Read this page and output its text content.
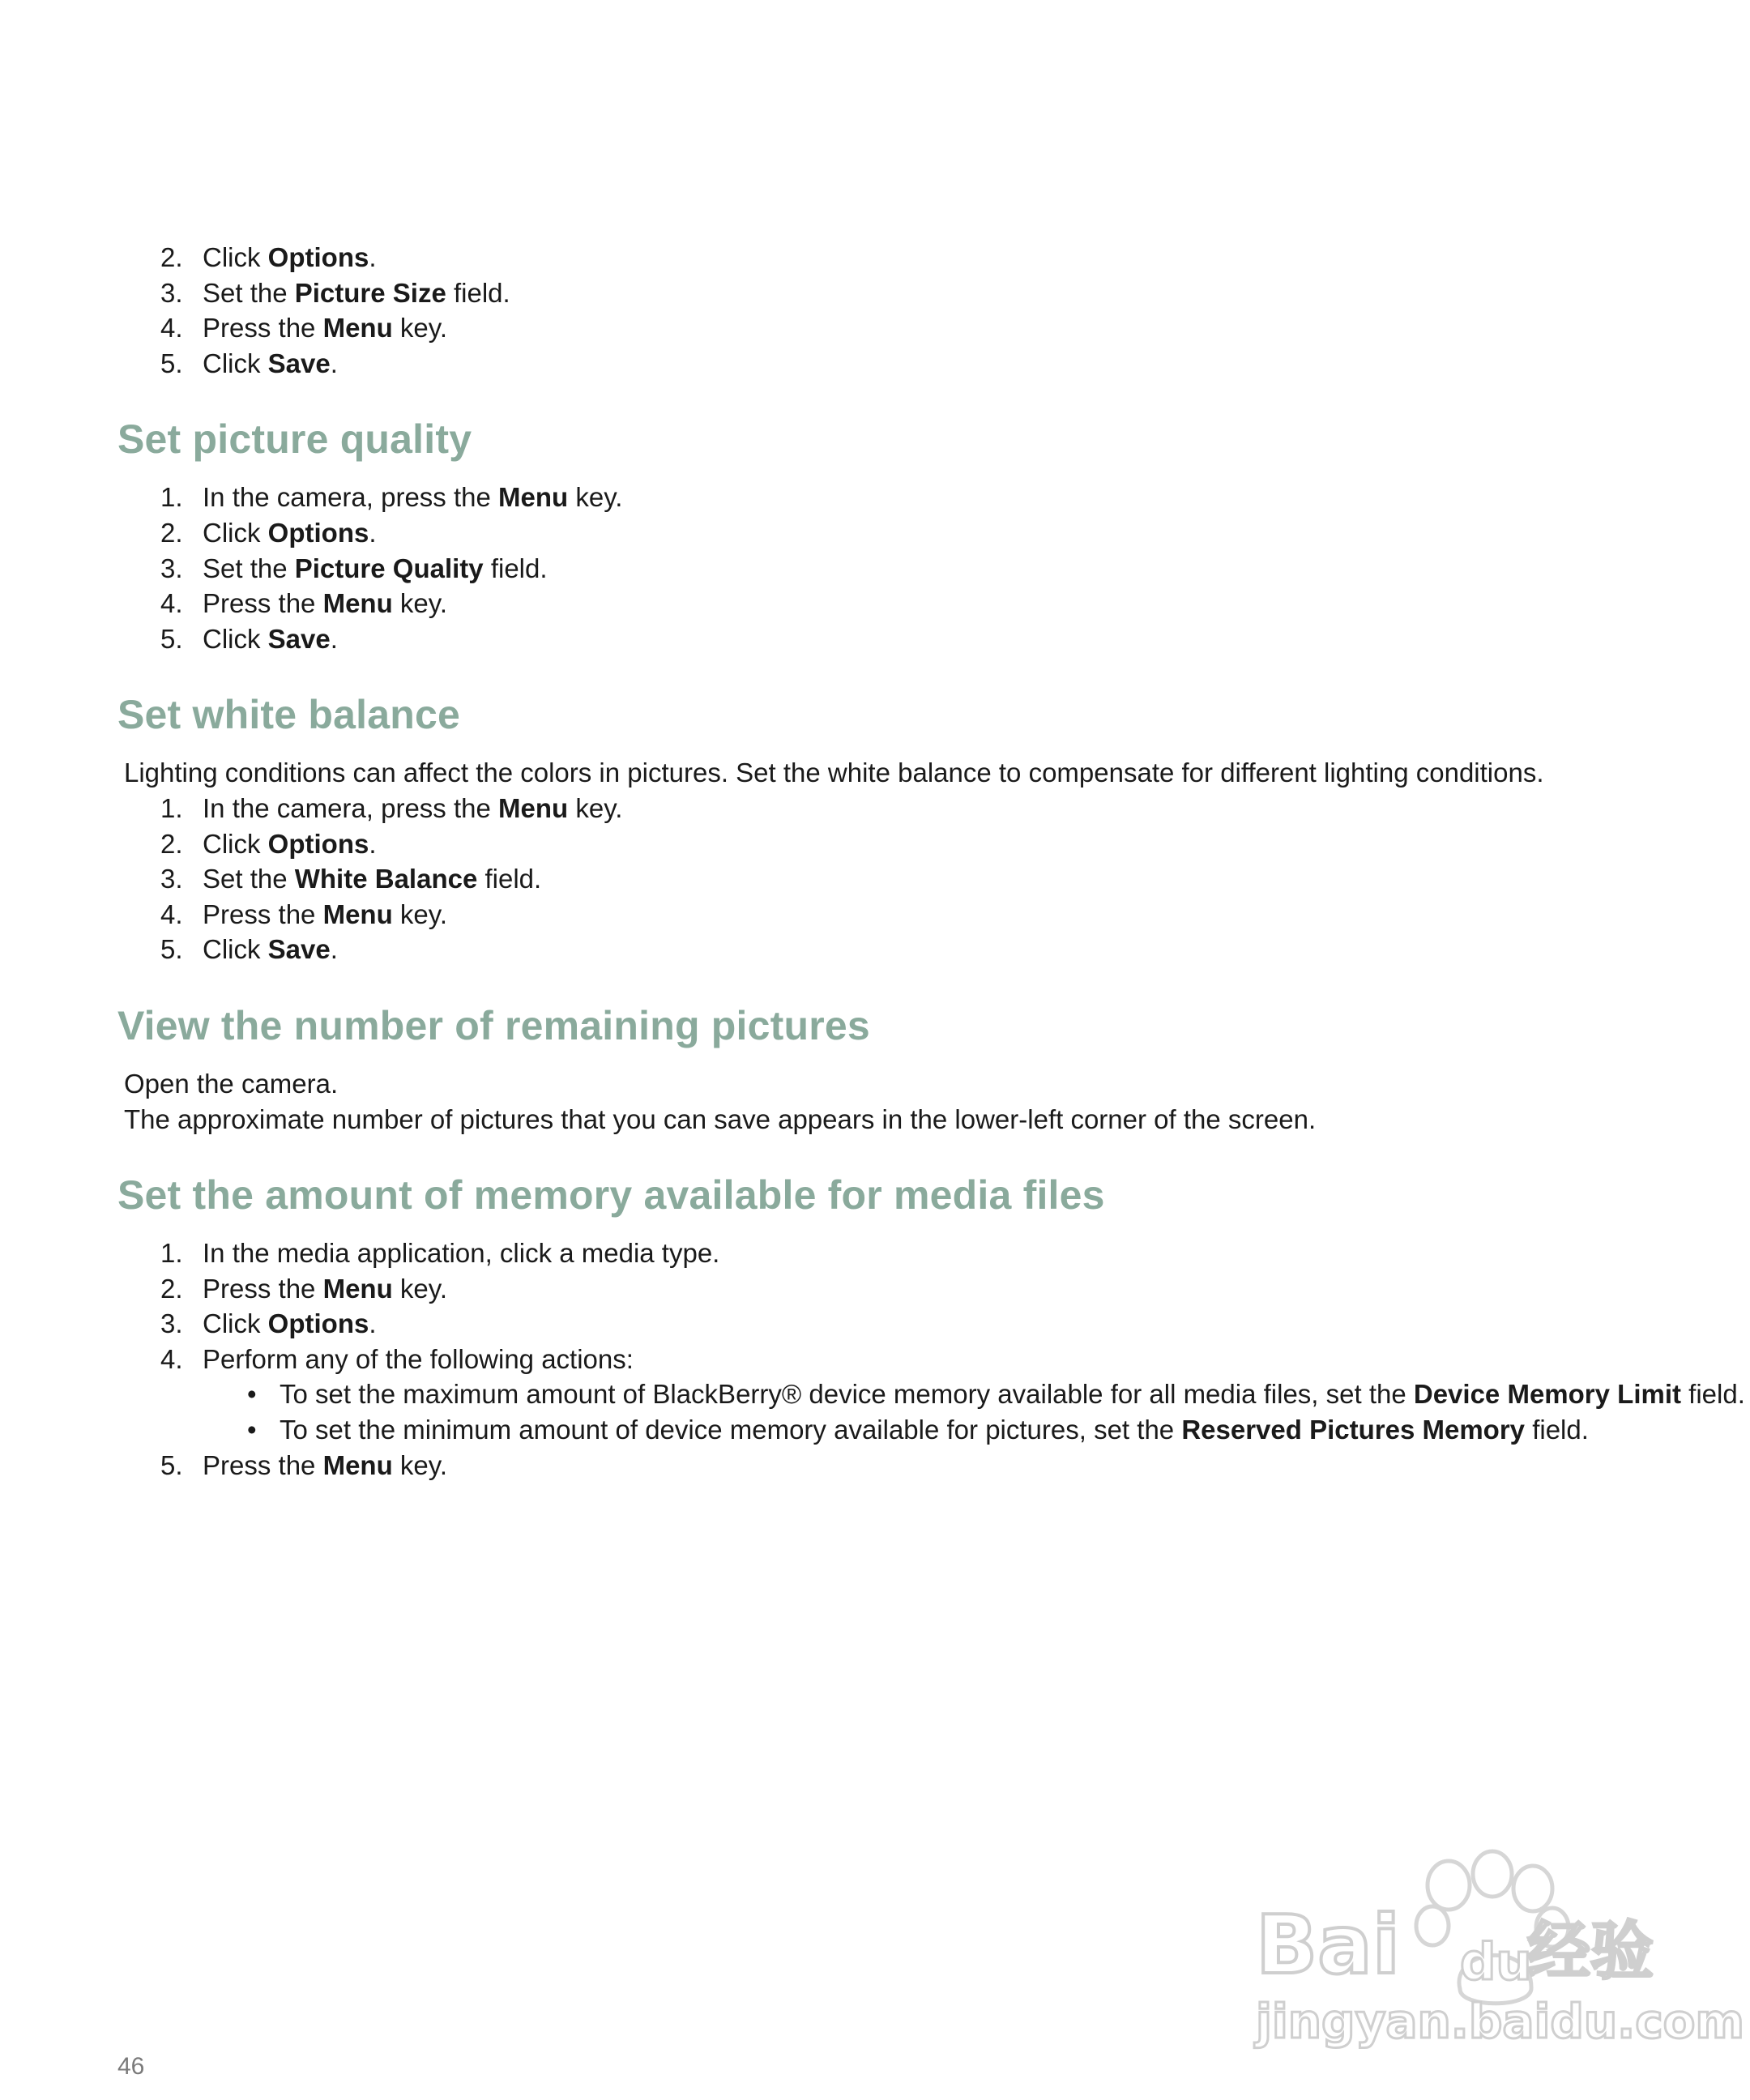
2. Click Options.
3. Set the Picture Size field.
4. Press the Menu key.
5. Click Save.
Set picture quality
1. In the camera, press the Menu key.
2. Click Options.
3. Set the Picture Quality field.
4. Press the Menu key.
5. Click Save.
Set white balance

Lighting conditions can affect the colors in pictures. Set the white balance to compensate for different lighting conditions.

1. In the camera, press the Menu key.
2. Click Options.
3. Set the White Balance field.
4. Press the Menu key.
5. Click Save.
View the number of remaining pictures

Open the camera.

The approximate number of pictures that you can save appears in the lower-left corner of the screen.

Set the amount of memory available for media files
1. In the media application, click a media type.
2. Press the Menu key.
3. Click Options.
4. Perform any of the following actions:
• To set the maximum amount of BlackBerry® device memory available for all media files, set the Device Memory Limit field.
• To set the minimum amount of device memory available for pictures, set the Reserved Pictures Memory field.
5. Press the Menu key.
Bai du
经验
jingyan.baidu.com
46
